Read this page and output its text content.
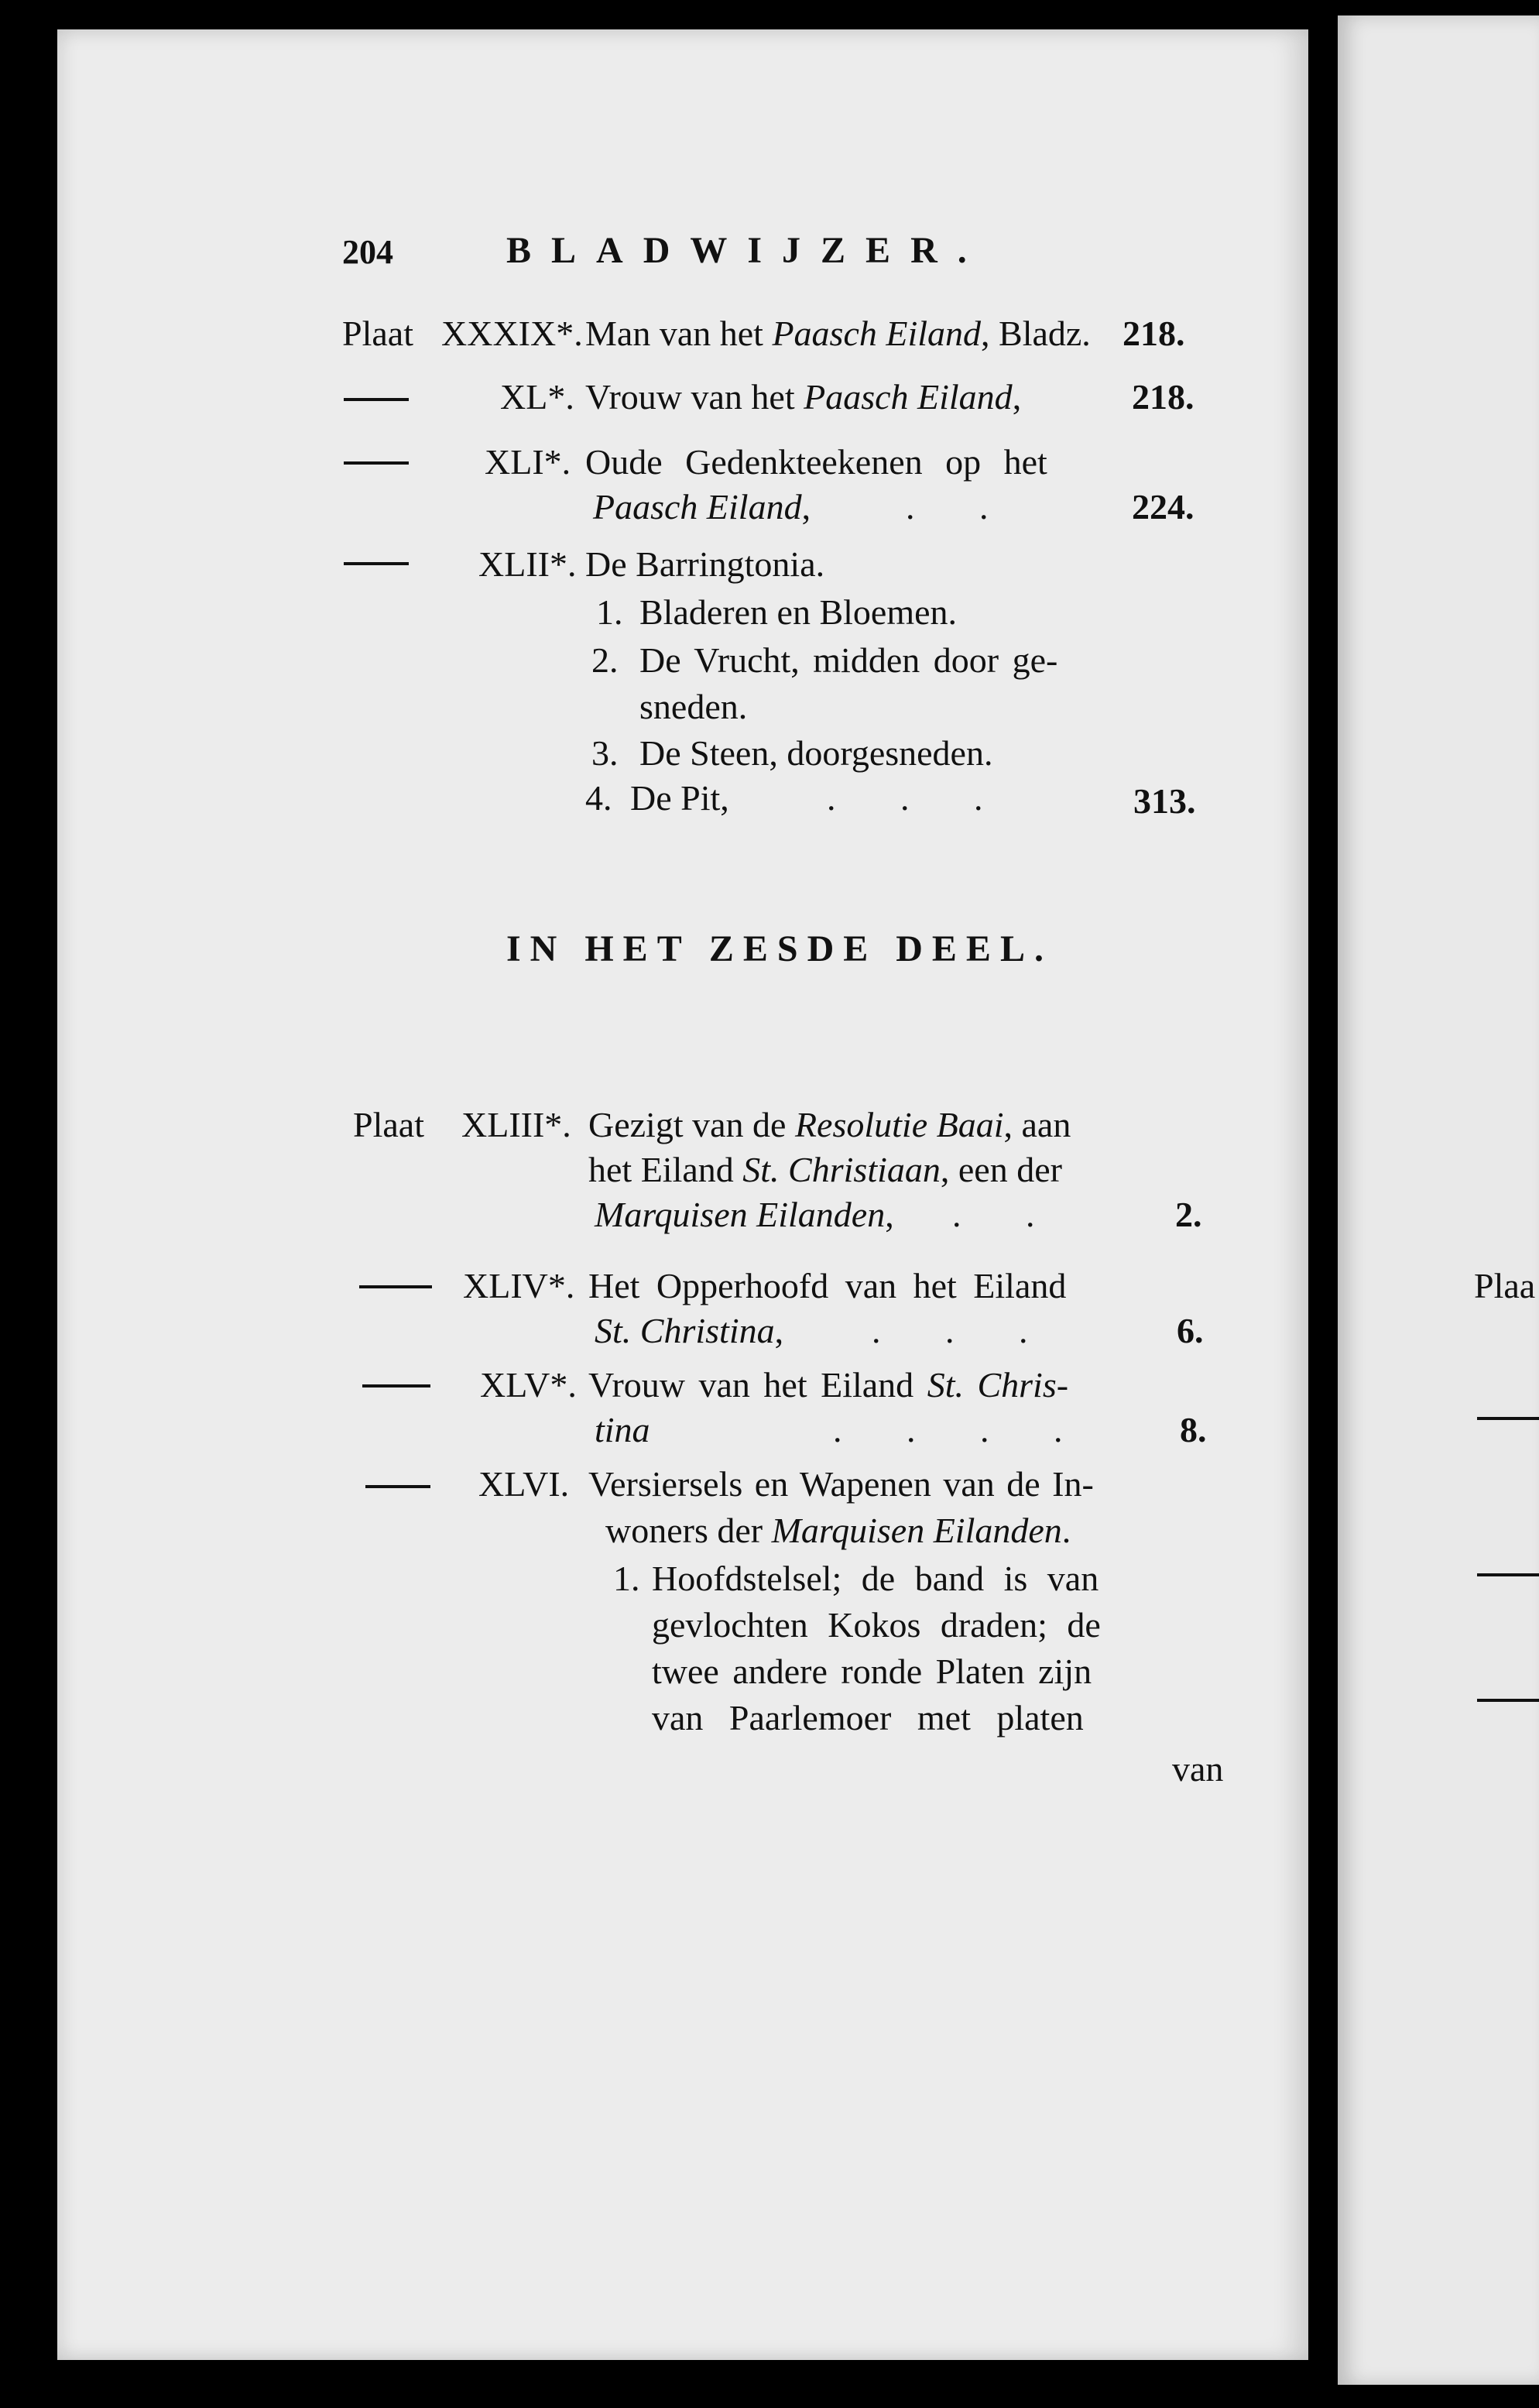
204	BLADWIJZER.
Plaat XXXIX*. Man van het Paasch Eiland, Bladz. 218.
XL*. Vrouw van het Paasch Eiland,	218.
XLI*. Oude Gedenkteekenen op het
Paasch Eiland,	. .	224.
XLII*. De Barringtonia.
1. Bladeren en Bloemen.
2. De Vrucht, midden door ge-
sneden.
3. De Steen, doorgesneden.
4. De Pit,	. . .	313.
IN HET ZESDE DEEL.
Plaat XLIII*. Gezigt van de Resolutie Baai, aan
het Eiland St. Christiaan, een der
Marquisen Eilanden, . .	2.
XLIV*. Het Opperhoofd van het Eiland
St. Christina, . . .	6.
XLV*. Vrouw van het Eiland St. Chris-
tina	. . . .	8.
XLVI. Versiersels en Wapenen van de In-
woners der Marquisen Eilanden.
1. Hoofdstelsel; de band is van
gevlochten Kokos draden; de
twee andere ronde Platen zijn
van Paarlemoer met platen
van
Plaa
